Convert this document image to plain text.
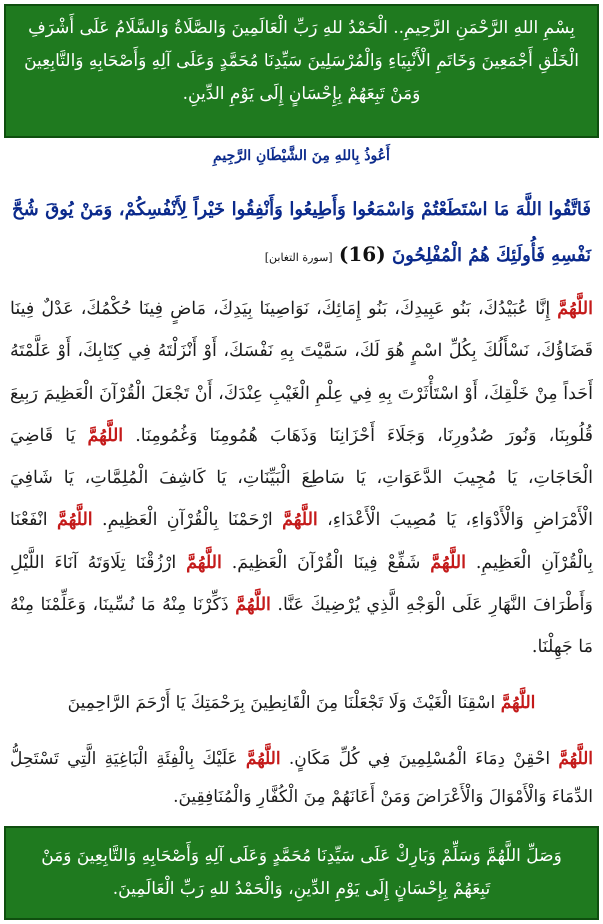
بِسْمِ اللهِ الرَّحْمَنِ الرَّحِيمِ.. الْحَمْدُ للهِ رَبِّ الْعَالَمِينَ وَالصَّلَاةُ وَالسَّلَامُ عَلَى أَشْرَفِ الْخَلْقِ أَجْمَعِينَ وَخَاتَمِ الْأَنْبِيَاءِ وَالْمُرْسَلِينَ سَيِّدِنَا مُحَمَّدٍ وَعَلَى آلِهِ وَأَصْحَابِهِ وَالتَّابِعِينَ وَمَنْ تَبِعَهُمْ بِإِحْسَانٍ إِلَى يَوْمِ الدِّينِ.

أَعُوذُ بِاللهِ مِنَ الشَّيْطَانِ الرَّجِيمِ
فَاتَّقُوا اللَّهَ مَا اسْتَطَعْتُمْ وَاسْمَعُوا وَأَطِيعُوا وَأَنْفِقُوا خَيْراً لِأَنْفُسِكُمْ، وَمَنْ يُوقَ شُحَّ نَفْسِهِ فَأُولَئِكَ هُمُ الْمُفْلِحُونَ (16) [سورة التغابن]
اللَّهُمَّ إِنَّا عُبَيْدُكَ، بَنُو عَبِيدِكَ، بَنُو إِمَائِكَ، نَوَاصِينَا بِيَدِكَ، مَاضٍ فِينَا حُكْمُكَ، عَدْلٌ فِينَا قَضَاؤُكَ، نَسْأَلُكَ بِكُلِّ اسْمٍ هُوَ لَكَ، سَمَّيْتَ بِهِ نَفْسَكَ، أَوْ أَنْزَلْتَهُ فِي كِتَابِكَ، أَوْ عَلَّمْتَهُ أَحَداً مِنْ خَلْقِكَ، أَوْ اسْتَأْثَرْتَ بِهِ فِي عِلْمِ الْغَيْبِ عِنْدَكَ، أَنْ تَجْعَلَ الْقُرْآنَ الْعَظِيمَ رَبِيعَ قُلُوبِنَا، وَنُورَ صُدُورِنَا، وَجَلَاءَ أَحْزَانِنَا وَذَهَابَ هُمُومِنَا وَغُمُومِنَا. اللَّهُمَّ يَا قَاضِيَ الْحَاجَاتِ، يَا مُجِيبَ الدَّعَوَاتِ، يَا سَاطِعَ الْبَيِّنَاتِ، يَا كَاشِفَ الْمُلِمَّاتِ، يَا شَافِيَ الْأَمْرَاضِ وَالْأَدْوَاءِ، يَا مُصِيبَ الْأَعْدَاءِ، اللَّهُمَّ ارْحَمْنَا بِالْقُرْآنِ الْعَظِيمِ. اللَّهُمَّ انْفَعْنَا بِالْقُرْآنِ الْعَظِيمِ. اللَّهُمَّ شَفِّعْ فِينَا الْقُرْآنَ الْعَظِيمَ. اللَّهُمَّ ارْزُقْنَا تِلَاوَتَهُ آنَاءَ اللَّيْلِ وَأَطْرَافَ النَّهَارِ عَلَى الْوَجْهِ الَّذِي يُرْضِيكَ عَنَّا. اللَّهُمَّ ذَكِّرْنَا مِنْهُ مَا نُسِّينَا، وَعَلِّمْنَا مِنْهُ مَا جَهِلْنَا.
اللَّهُمَّ اسْقِنَا الْغَيْثَ وَلَا تَجْعَلْنَا مِنَ الْقَانِطِينَ بِرَحْمَتِكَ يَا أَرْحَمَ الرَّاحِمِينَ
اللَّهُمَّ احْقِنْ دِمَاءَ الْمُسْلِمِينَ فِي كُلِّ مَكَانٍ. اللَّهُمَّ عَلَيْكَ بِالْفِئَةِ الْبَاغِيَةِ الَّتِي تَسْتَحِلُّ الدِّمَاءَ وَالْأَمْوَالَ وَالْأَعْرَاضَ وَمَنْ أَعَانَهُمْ مِنَ الْكُفَّارِ وَالْمُنَافِقِينَ.

وَصَلِّ اللَّهُمَّ وَسَلِّمْ وَبَارِكْ عَلَى سَيِّدِنَا مُحَمَّدٍ وَعَلَى آلِهِ وَأَصْحَابِهِ وَالتَّابِعِينَ وَمَنْ تَبِعَهُمْ بِإِحْسَانٍ إِلَى يَوْمِ الدِّينِ، وَالْحَمْدُ للهِ رَبِّ الْعَالَمِينَ.
